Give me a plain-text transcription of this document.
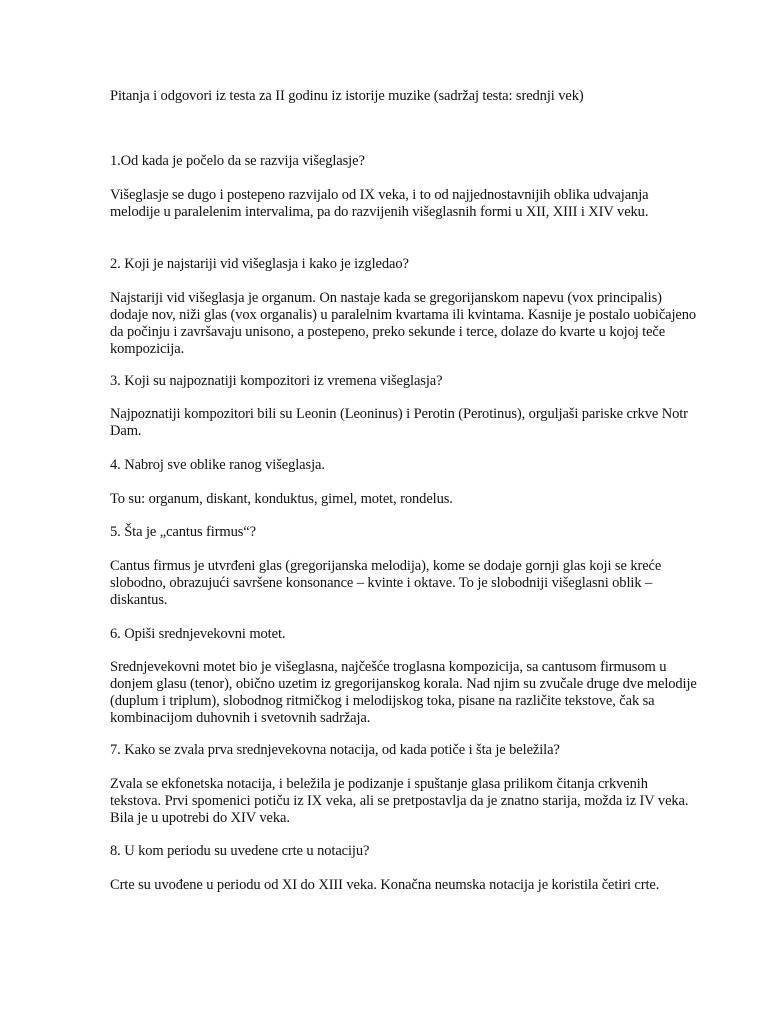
Pitanja i odgovori iz testa za II godinu iz istorije muzike (sadržaj testa: srednji vek)

1.Od kada je počelo da se razvija višeglasje?

Višeglasje se dugo i postepeno razvijalo od IX veka, i to od najjednostavnijih oblika udvajanja melodije u paralelenim intervalima, pa do razvijenih višeglasnih formi u XII, XIII i XIV veku.

2. Koji je najstariji vid višeglasja i kako je izgledao?

Najstariji vid višeglasja je organum. On nastaje kada se gregorijanskom napevu (vox principalis) dodaje nov, niži glas (vox organalis) u paralelnim kvartama ili kvintama. Kasnije je postalo uobičajeno da počinju i završavaju unisono, a postepeno, preko sekunde i terce, dolaze do kvarte u kojoj teče kompozicija.

3. Koji su najpoznatiji kompozitori iz vremena višeglasja?

Najpoznatiji kompozitori bili su Leonin (Leoninus) i Perotin (Perotinus), orguljaši pariske crkve Notr Dam.

4. Nabroj sve oblike ranog višeglasja.

To su: organum, diskant, konduktus, gimel, motet, rondelus.

5. Šta je „cantus firmus“?

Cantus firmus je utvrđeni glas (gregorijanska melodija), kome se dodaje gornji glas koji se kreće slobodno, obrazujući savršene konsonance – kvinte i oktave. To je slobodniji višeglasni oblik – diskantus.

6. Opiši srednjevekovni motet.

Srednjevekovni motet bio je višeglasna, najčešće troglasna kompozicija, sa cantusom firmusom u donjem glasu (tenor), obično uzetim iz gregorijanskog korala. Nad njim su zvučale druge dve melodije (duplum i triplum), slobodnog ritmičkog i melodijskog toka, pisane na različite tekstove, čak sa kombinacijom duhovnih i svetovnih sadržaja.

7. Kako se zvala prva srednjevekovna notacija, od kada potiče i šta je beležila?

Zvala se ekfonetska notacija, i beležila je podizanje i spuštanje glasa prilikom čitanja crkvenih tekstova. Prvi spomenici potiču iz IX veka, ali se pretpostavlja da je znatno starija, možda iz IV veka. Bila je u upotrebi do XIV veka.

8. U kom periodu su uvedene crte u notaciju?

Crte su uvođene u periodu od XI do XIII veka. Konačna neumska notacija je koristila četiri crte.
